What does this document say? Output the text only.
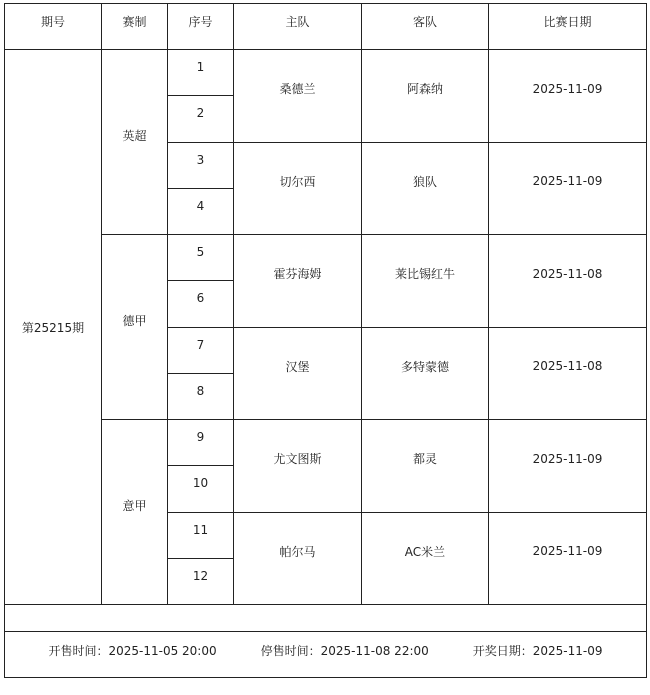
期号	赛制	序号	主队	客队	比赛日期
第25215期	英超	1	桑德兰	阿森纳	2025-11-09
		2			
		3	切尔西	狼队	2025-11-09
		4			
	德甲	5	霍芬海姆	莱比锡红牛	2025-11-08
		6			
		7	汉堡	多特蒙德	2025-11-08
		8			
	意甲	9	尤文图斯	都灵	2025-11-09
		10			
		11	帕尔马	AC米兰	2025-11-09
		12			

开售时间：2025-11-05 20:00 停售时间：2025-11-08 22:00 开奖日期：2025-11-09					
